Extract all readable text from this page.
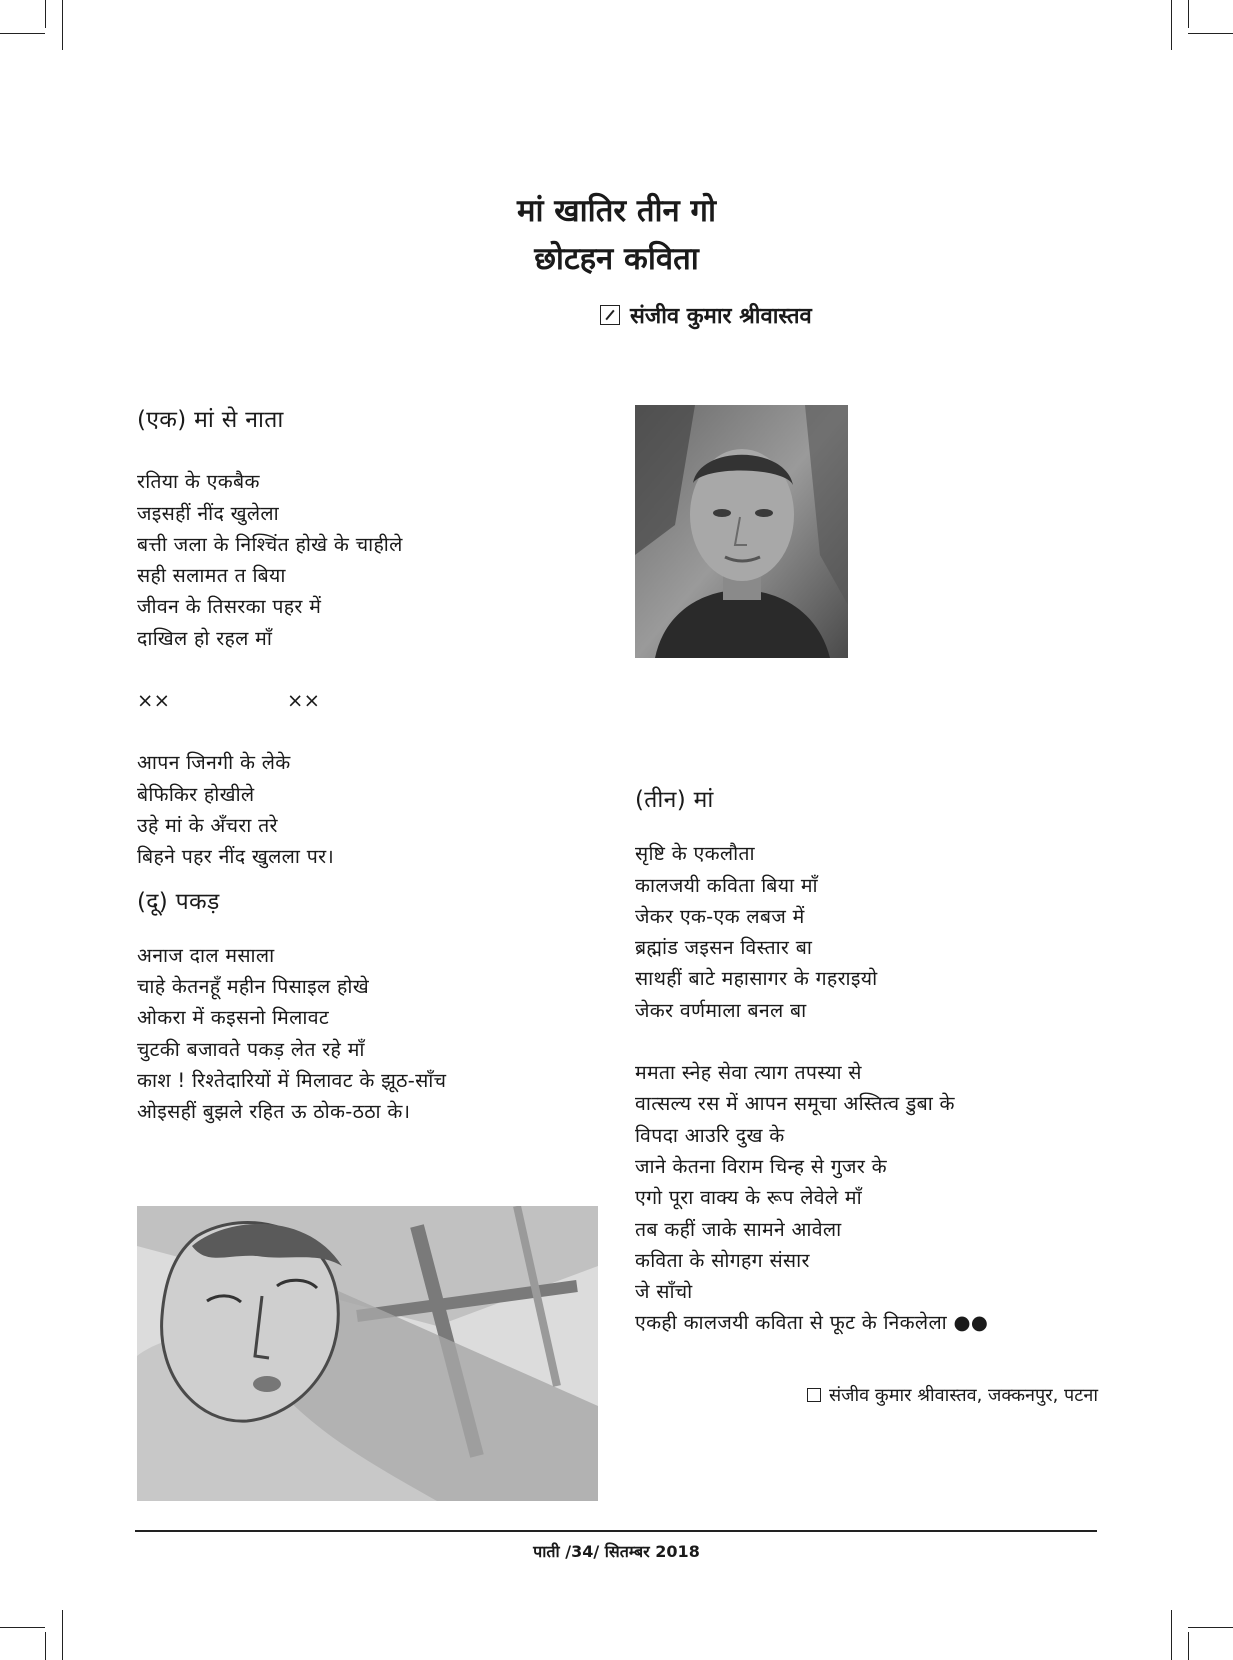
मां खातिर तीन गो
छोटहन कविता
संजीव कुमार श्रीवास्तव

(एक) मां से नाता

रतिया के एकबैक
जइसहीं नींद खुलेला
बत्ती जला के निश्चिंत होखे के चाहीले
सही सलामत त बिया
जीवन के तिसरका पहर में
दाखिल हो रहल माँ
××	××
आपन जिनगी के लेके
बेफिकिर होखीले
उहे मां के अँचरा तरे
बिहने पहर नींद खुलला पर।

(दू) पकड़

अनाज दाल मसाला
चाहे केतनहूँ महीन पिसाइल होखे
ओकरा में कइसनो मिलावट
चुटकी बजावते पकड़ लेत रहे माँ
काश ! रिश्तेदारियों में मिलावट के झूठ-साँच
ओइसहीं बुझले रहित ऊ ठोक-ठठा के।

(तीन) मां

सृष्टि के एकलौता
कालजयी कविता बिया माँ
जेकर एक-एक लबज में
ब्रह्मांड जइसन विस्तार बा
साथहीं बाटे महासागर के गहराइयो
जेकर वर्णमाला बनल बा
ममता स्नेह सेवा त्याग तपस्या से
वात्सल्य रस में आपन समूचा अस्तित्व डुबा के
विपदा आउरि दुख के
जाने केतना विराम चिन्ह से गुजर के
एगो पूरा वाक्य के रूप लेवेले माँ
तब कहीं जाके सामने आवेला
कविता के सोगहग संसार
जे साँचो
एकही कालजयी कविता से फूट के निकलेला ●●
संजीव कुमार श्रीवास्तव, जक्कनपुर, पटना
पाती /34/ सितम्बर 2018
